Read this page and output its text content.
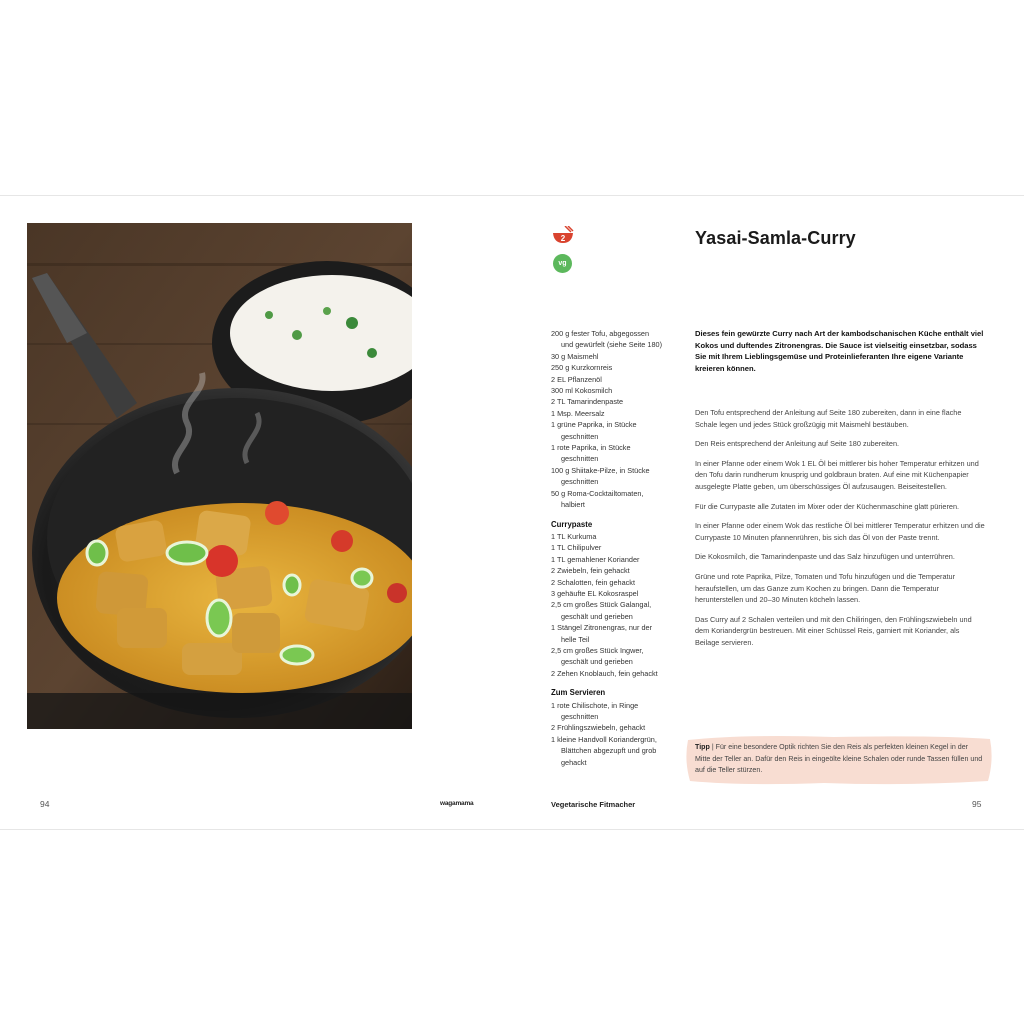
2
vg
Yasai-Samla-Curry
200 g fester Tofu, abgegossen
und gewürfelt (siehe Seite 180)
30 g Maismehl
250 g Kurzkornreis
2 EL Pflanzenöl
300 ml Kokosmilch
2 TL Tamarindenpaste
1 Msp. Meersalz
1 grüne Paprika, in Stücke
geschnitten
1 rote Paprika, in Stücke
geschnitten
100 g Shiitake-Pilze, in Stücke
geschnitten
50 g Roma-Cocktailtomaten,
halbiert
Currypaste
1 TL Kurkuma
1 TL Chilipulver
1 TL gemahlener Koriander
2 Zwiebeln, fein gehackt
2 Schalotten, fein gehackt
3 gehäufte EL Kokosraspel
2,5 cm großes Stück Galangal,
geschält und gerieben
1 Stängel Zitronengras, nur der
helle Teil
2,5 cm großes Stück Ingwer,
geschält und gerieben
2 Zehen Knoblauch, fein gehackt
Zum Servieren
1 rote Chilischote, in Ringe
geschnitten
2 Frühlingszwiebeln, gehackt
1 kleine Handvoll Koriandergrün,
Blättchen abgezupft und grob gehackt

Dieses fein gewürzte Curry nach Art der kambodschanischen Küche enthält viel Kokos und duftendes Zitronengras. Die Sauce ist vielseitig einsetzbar, sodass Sie mit Ihrem Lieblingsgemüse und Proteinlieferanten Ihre eigene Variante kreieren können.

Den Tofu entsprechend der Anleitung auf Seite 180 zubereiten, dann in eine flache Schale legen und jedes Stück großzügig mit Maismehl bestäuben.

Den Reis entsprechend der Anleitung auf Seite 180 zubereiten.

In einer Pfanne oder einem Wok 1 EL Öl bei mittlerer bis hoher Temperatur erhitzen und den Tofu darin rundherum knusprig und goldbraun braten. Auf eine mit Küchenpapier ausgelegte Platte geben, um überschüssiges Öl aufzusaugen. Beiseitestellen.

Für die Currypaste alle Zutaten im Mixer oder der Küchenmaschine glatt pürieren.

In einer Pfanne oder einem Wok das restliche Öl bei mittlerer Temperatur erhitzen und die Currypaste 10 Minuten pfannenrühren, bis sich das Öl von der Paste trennt.

Die Kokosmilch, die Tamarindenpaste und das Salz hinzufügen und unterrühren.

Grüne und rote Paprika, Pilze, Tomaten und Tofu hinzufügen und die Temperatur heraufstellen, um das Ganze zum Kochen zu bringen. Dann die Temperatur herunterstellen und 20–30 Minuten köcheln lassen.

Das Curry auf 2 Schalen verteilen und mit den Chiliringen, den Frühlingszwiebeln und dem Koriandergrün bestreuen. Mit einer Schüssel Reis, garniert mit Koriander, als Beilage servieren.

Tipp | Für eine besondere Optik richten Sie den Reis als perfekten kleinen Kegel in der Mitte der Teller an. Dafür den Reis in eingeölte kleine Schalen oder runde Tassen füllen und auf die Teller stürzen.
94	wagamama	Vegetarische Fitmacher	95
